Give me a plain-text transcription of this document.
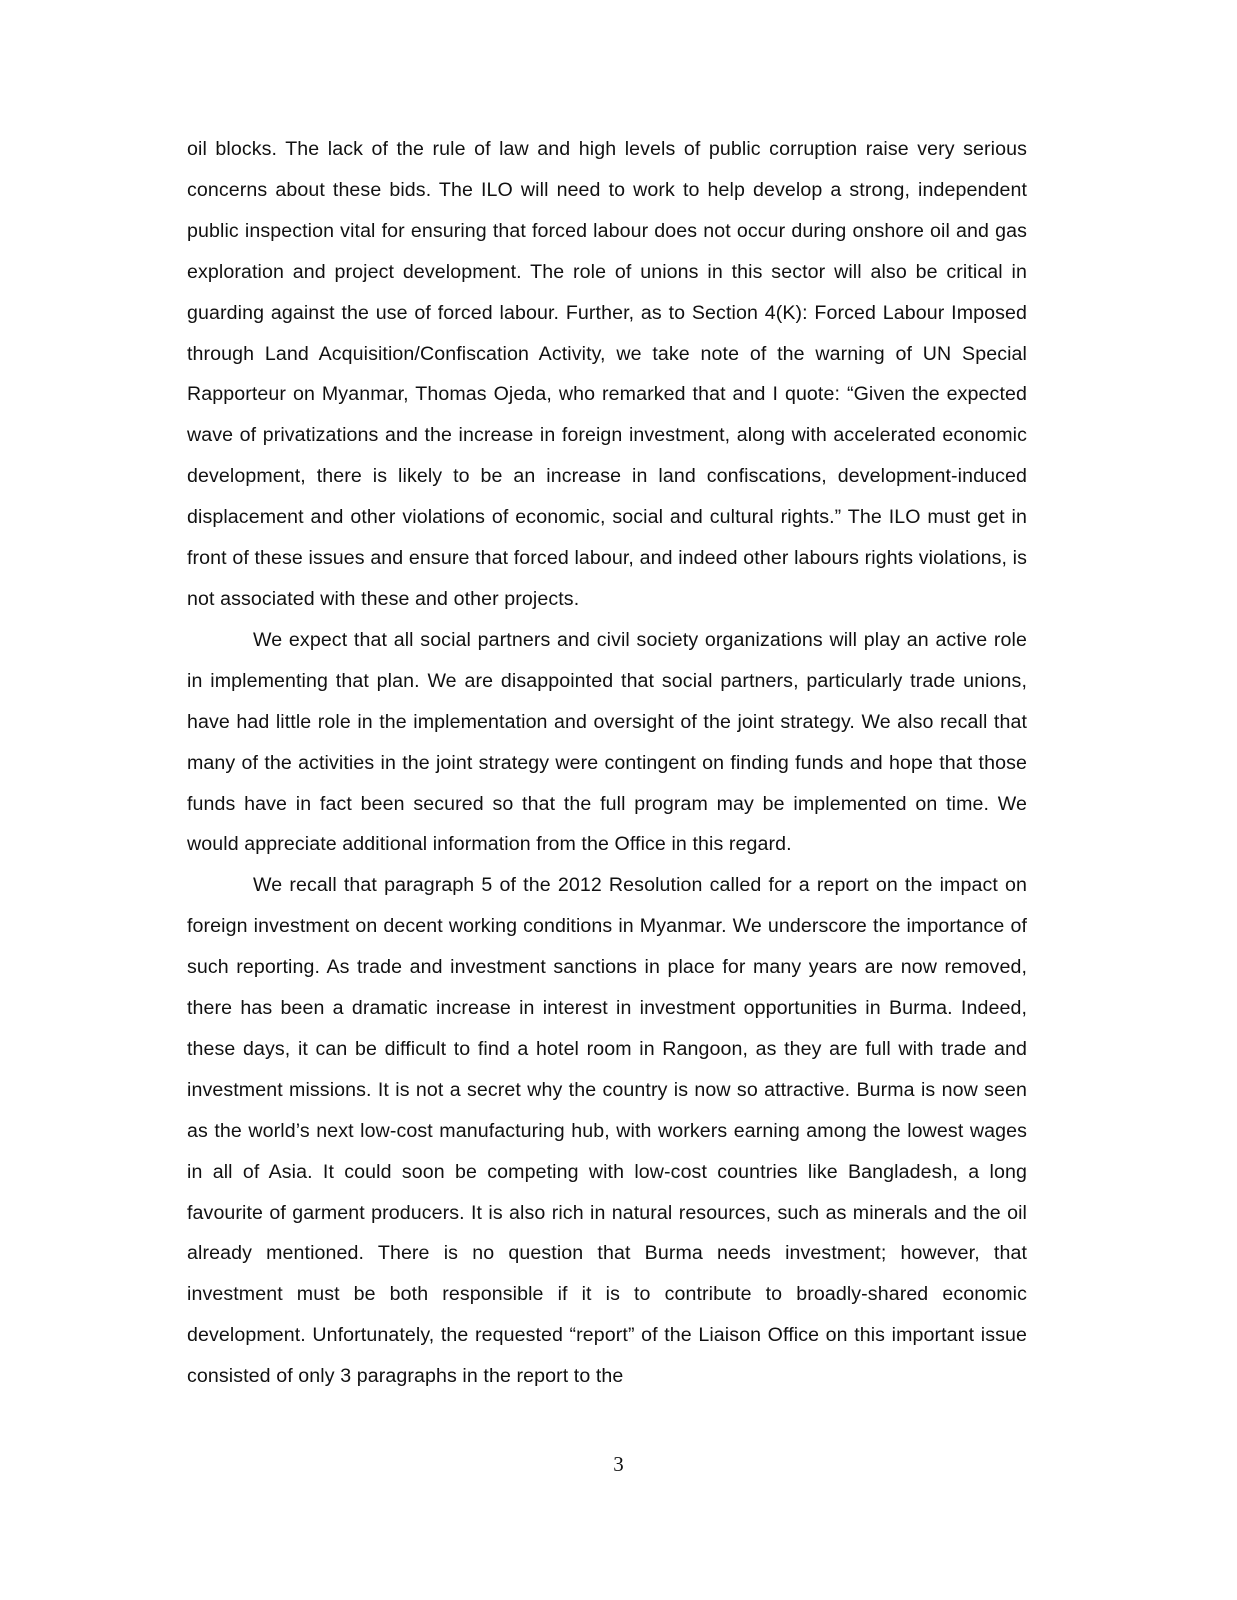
oil blocks. The lack of the rule of law and high levels of public corruption raise very serious concerns about these bids. The ILO will need to work to help develop a strong, independent public inspection vital for ensuring that forced labour does not occur during onshore oil and gas exploration and project development. The role of unions in this sector will also be critical in guarding against the use of forced labour. Further, as to Section 4(K): Forced Labour Imposed through Land Acquisition/Confiscation Activity, we take note of the warning of UN Special Rapporteur on Myanmar, Thomas Ojeda, who remarked that and I quote: “Given the expected wave of privatizations and the increase in foreign investment, along with accelerated economic development, there is likely to be an increase in land confiscations, development-induced displacement and other violations of economic, social and cultural rights.” The ILO must get in front of these issues and ensure that forced labour, and indeed other labours rights violations, is not associated with these and other projects.

We expect that all social partners and civil society organizations will play an active role in implementing that plan. We are disappointed that social partners, particularly trade unions, have had little role in the implementation and oversight of the joint strategy. We also recall that many of the activities in the joint strategy were contingent on finding funds and hope that those funds have in fact been secured so that the full program may be implemented on time. We would appreciate additional information from the Office in this regard.

We recall that paragraph 5 of the 2012 Resolution called for a report on the impact on foreign investment on decent working conditions in Myanmar. We underscore the importance of such reporting. As trade and investment sanctions in place for many years are now removed, there has been a dramatic increase in interest in investment opportunities in Burma. Indeed, these days, it can be difficult to find a hotel room in Rangoon, as they are full with trade and investment missions. It is not a secret why the country is now so attractive. Burma is now seen as the world’s next low-cost manufacturing hub, with workers earning among the lowest wages in all of Asia. It could soon be competing with low-cost countries like Bangladesh, a long favourite of garment producers. It is also rich in natural resources, such as minerals and the oil already mentioned. There is no question that Burma needs investment; however, that investment must be both responsible if it is to contribute to broadly-shared economic development. Unfortunately, the requested “report” of the Liaison Office on this important issue consisted of only 3 paragraphs in the report to the

3
